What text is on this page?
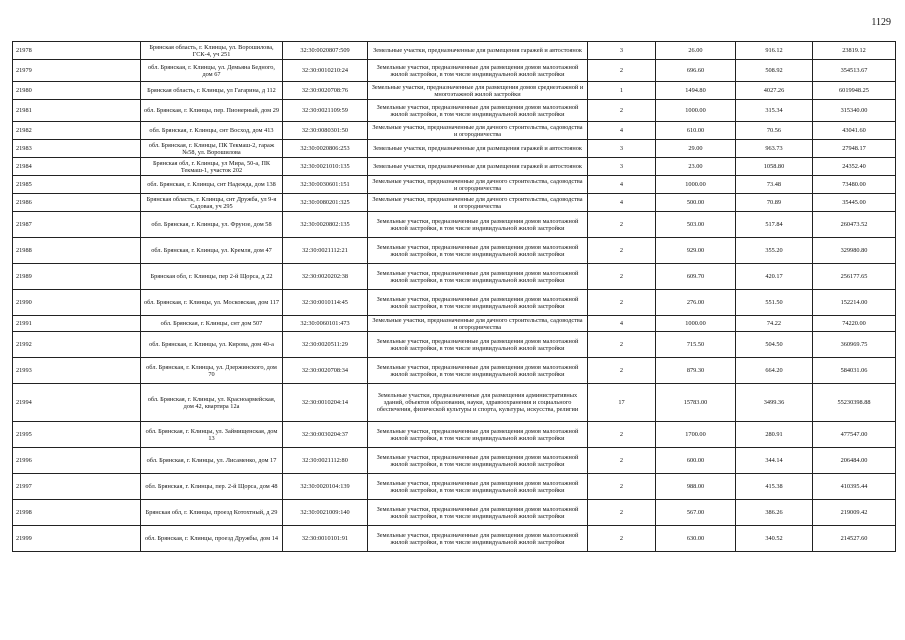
1129
21978	Брянская область, г. Клинцы, ул. Ворошилова, ГСК-4, уч 251	32:30:0020807:509	Земельные участки, предназначенные для размещения гаражей и автостоянок	3	26.00	916.12	23819.12
21979	обл. Брянская, г. Клинцы, ул. Демьяна Бедного, дом 67	32:30:0010210:24	Земельные участки, предназначенные для размещения домов малоэтажной жилой застройки, в том числе индивидуальной жилой застройки	2	696.60	508.92	354513.67
21980	Брянская область, г. Клинцы, ул Гагарина, д 112	32:30:0020708:76	Земельные участки, предназначенные для размещения домов среднеэтажной и многоэтажной жилой застройки	1	1494.80	4027.26	6019948.25
21981	обл. Брянская, г. Клинцы, пер. Пионерный, дом 29	32:30:0021109:59	Земельные участки, предназначенные для размещения домов малоэтажной жилой застройки, в том числе индивидуальной жилой застройки	2	1000.00	315.34	315340.00
21982	обл. Брянская, г. Клинцы, снт Восход, дом 413	32:30:0080301:50	Земельные участки, предназначенные для дачного строительства, садоводства и огородничества	4	610.00	70.56	43041.60
21983	обл. Брянская, г. Клинцы, ПК Текмаш-2, гараж №58, ул. Ворошилова	32:30:0020806:253	Земельные участки, предназначенные для размещения гаражей и автостоянок	3	29.00	963.73	27948.17
21984	Брянская обл, г. Клинцы, ул Мира, 50-а, ПК Текмаш-1, участок 202	32:30:0021010:135	Земельные участки, предназначенные для размещения гаражей и автостоянок	3	23.00	1058.80	24352.40
21985	обл. Брянская, г. Клинцы, снт Надежда, дом 138	32:30:0030601:151	Земельные участки, предназначенные для дачного строительства, садоводства и огородничества	4	1000.00	73.48	73480.00
21986	Брянская область, г. Клинцы, снт Дружба, ул 9-я Садовая, уч 295	32:30:0080201:325	Земельные участки, предназначенные для дачного строительства, садоводства и огородничества	4	500.00	70.89	35445.00
21987	обл. Брянская, г. Клинцы, ул. Фрунзе, дом 58	32:30:0020802:135	Земельные участки, предназначенные для размещения домов малоэтажной жилой застройки, в том числе индивидуальной жилой застройки	2	503.00	517.84	260473.52
21988	обл. Брянская, г. Клинцы, ул. Кремля, дом 47	32:30:0021112:21	Земельные участки, предназначенные для размещения домов малоэтажной жилой застройки, в том числе индивидуальной жилой застройки	2	929.00	355.20	329980.80
21989	Брянская обл, г. Клинцы, пер 2-й Щорса, д 22	32:30:0020202:38	Земельные участки, предназначенные для размещения домов малоэтажной жилой застройки, в том числе индивидуальной жилой застройки	2	609.70	420.17	256177.65
21990	обл. Брянская, г. Клинцы, ул. Московская, дом 117	32:30:0010114:45	Земельные участки, предназначенные для размещения домов малоэтажной жилой застройки, в том числе индивидуальной жилой застройки	2	276.00	551.50	152214.00
21991	обл. Брянская, г. Клинцы, снт дом 507	32:30:0060101:473	Земельные участки, предназначенные для дачного строительства, садоводства и огородничества	4	1000.00	74.22	74220.00
21992	обл. Брянская, г. Клинцы, ул. Кирова, дом 40-а	32:30:0020511:29	Земельные участки, предназначенные для размещения домов малоэтажной жилой застройки, в том числе индивидуальной жилой застройки	2	715.50	504.50	360969.75
21993	обл. Брянская, г. Клинцы, ул. Дзержинского, дом 70	32:30:0020708:34	Земельные участки, предназначенные для размещения домов малоэтажной жилой застройки, в том числе индивидуальной жилой застройки	2	879.30	664.20	584031.06
21994	обл. Брянская, г. Клинцы, ул. Красноармейская, дом 42, квартира 12а	32:30:0010204:14	Земельные участки, предназначенные для размещения административных зданий, объектов образования, науки, здравоохранения и социального обеспечения, физической культуры и спорта, культуры, искусства, религии	17	15783.00	3499.36	55230398.88
21995	обл. Брянская, г. Клинцы, ул. Займищенская, дом 13	32:30:0030204:37	Земельные участки, предназначенные для размещения домов малоэтажной жилой застройки, в том числе индивидуальной жилой застройки	2	1700.00	280.91	477547.00
21996	обл. Брянская, г. Клинцы, ул. Лисаменко, дом 17	32:30:0021112:80	Земельные участки, предназначенные для размещения домов малоэтажной жилой застройки, в том числе индивидуальной жилой застройки	2	600.00	344.14	206484.00
21997	обл. Брянская, г. Клинцы, пер. 2-й Щорса, дом 48	32:30:0020104:139	Земельные участки, предназначенные для размещения домов малоэтажной жилой застройки, в том числе индивидуальной жилой застройки	2	988.00	415.38	410395.44
21998	Брянская обл, г. Клинцы, проезд Котохтный, д 29	32:30:0021009:140	Земельные участки, предназначенные для размещения домов малоэтажной жилой застройки, в том числе индивидуальной жилой застройки	2	567.00	386.26	219009.42
21999	обл. Брянская, г. Клинцы, проезд Дружбы, дом 14	32:30:0010101:91	Земельные участки, предназначенные для размещения домов малоэтажной жилой застройки, в том числе индивидуальной жилой застройки	2	630.00	340.52	214527.60
